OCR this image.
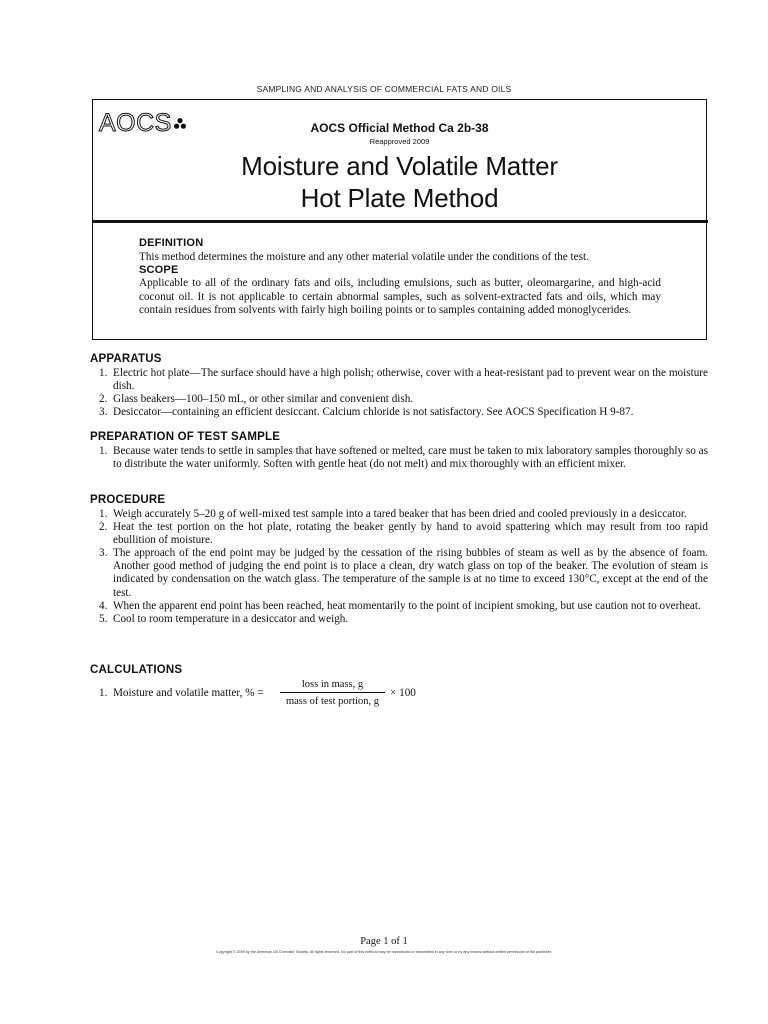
SAMPLING AND ANALYSIS OF COMMERCIAL FATS AND OILS
AOCS	AOCS Official Method Ca 2b-38
Reapproved 2009
Moisture and Volatile Matter
Hot Plate Method
DEFINITION

This method determines the moisture and any other material volatile under the conditions of the test.

SCOPE

Applicable to all of the ordinary fats and oils, including emulsions, such as butter, oleomargarine, and high-acid coconut oil. It is not applicable to certain abnormal samples, such as solvent-extracted fats and oils, which may contain residues from solvents with fairly high boiling points or to samples containing added monoglycerides.

APPARATUS
1. Electric hot plate—The surface should have a high polish; otherwise, cover with a heat-resistant pad to prevent wear on the moisture dish.
2. Glass beakers—100–150 mL, or other similar and convenient dish.
3. Desiccator—containing an efficient desiccant. Calcium chloride is not satisfactory. See AOCS Specification H 9-87.
PREPARATION OF TEST SAMPLE
1. Because water tends to settle in samples that have softened or melted, care must be taken to mix laboratory samples thoroughly so as to distribute the water uniformly. Soften with gentle heat (do not melt) and mix thoroughly with an efficient mixer.
PROCEDURE
1. Weigh accurately 5–20 g of well-mixed test sample into a tared beaker that has been dried and cooled previously in a desiccator.
2. Heat the test portion on the hot plate, rotating the beaker gently by hand to avoid spattering which may result from too rapid ebullition of moisture.
3. The approach of the end point may be judged by the cessation of the rising bubbles of steam as well as by the absence of foam. Another good method of judging the end point is to place a clean, dry watch glass on top of the beaker. The evolution of steam is indicated by condensation on the watch glass. The temperature of the sample is at no time to exceed 130°C, except at the end of the test.
4. When the apparent end point has been reached, heat momentarily to the point of incipient smoking, but use caution not to overheat.
5. Cool to room temperature in a desiccator and weigh.
CALCULATIONS
1. Moisture and volatile matter, % =
loss in mass, g
mass of test portion, g
× 100
Page 1 of 1
Copyright © 2009 by the American Oil Chemists' Society. All rights reserved. No part of this method may be reproduced or transmitted in any form or by any means without written permission of the publisher.
